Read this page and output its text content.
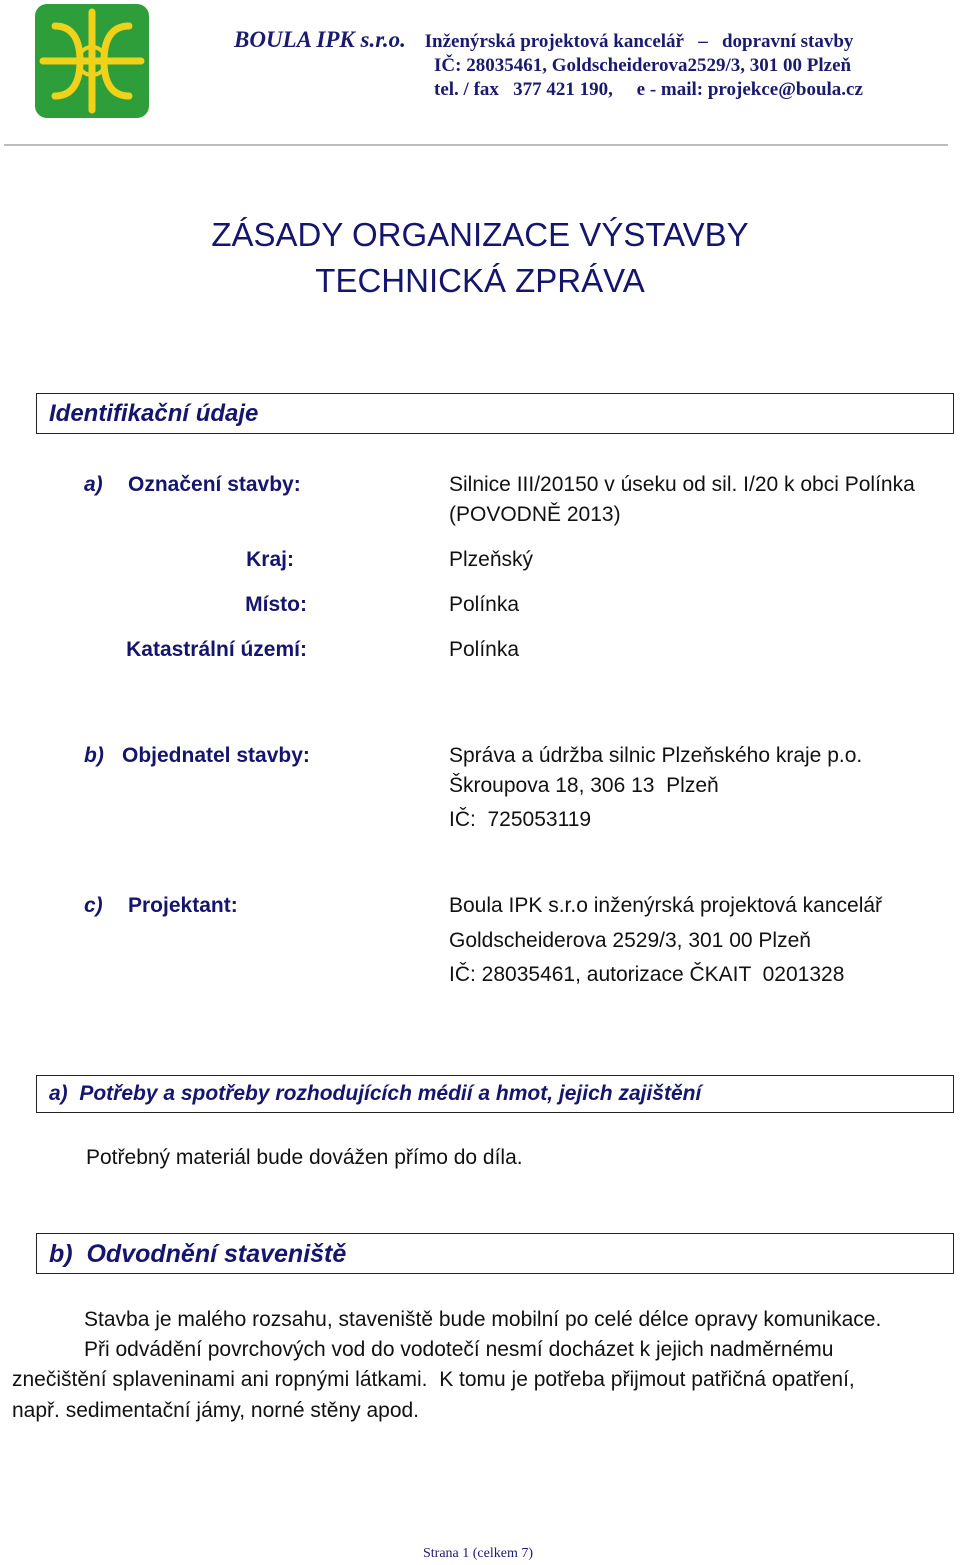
BOULA IPK s.r.o. Inženýrská projektová kancelář   –   dopravní stavby
IČ: 28035461, Goldscheiderova2529/3, 301 00 Plzeň
tel. / fax   377 421 190,     e - mail: projekce@boula.cz
ZÁSADY ORGANIZACE VÝSTAVBY
TECHNICKÁ ZPRÁVA
Identifikační údaje
a) Označení stavby:	Silnice III/20150 v úseku od sil. I/20 k obci Polínka
(POVODNĚ 2013)
Kraj:	Plzeňský
Místo:	Polínka
Katastrální území:	Polínka
b) Objednatel stavby:	Správa a údržba silnic Plzeňského kraje p.o.
Škroupova 18, 306 13  Plzeň
IČ:  725053119
c) Projektant:	Boula IPK s.r.o inženýrská projektová kancelář
Goldscheiderova 2529/3, 301 00 Plzeň
IČ: 28035461, autorizace ČKAIT  0201328
a)  Potřeby a spotřeby rozhodujících médií a hmot, jejich zajištění
Potřebný materiál bude dovážen přímo do díla.
b)  Odvodnění staveniště
Stavba je malého rozsahu, staveniště bude mobilní po celé délce opravy komunikace.
Při odvádění povrchových vod do vodotečí nesmí docházet k jejich nadměrnému
znečištění splaveninami ani ropnými látkami.  K tomu je potřeba přijmout patřičná opatření,
např. sedimentační jámy, norné stěny apod.
Strana 1 (celkem 7)
